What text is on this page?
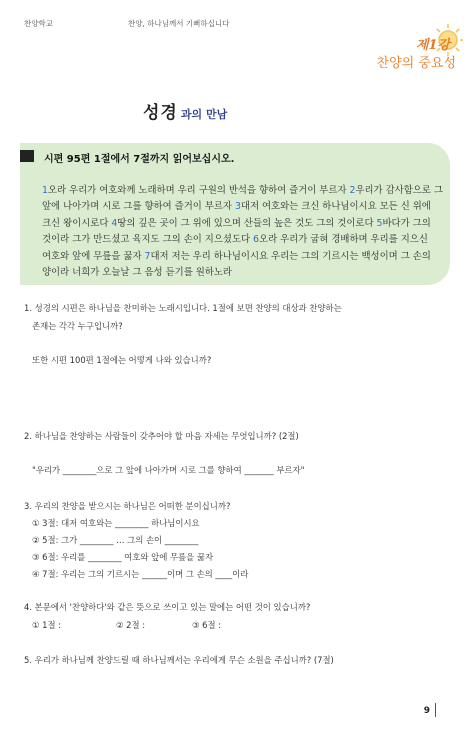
찬양학교	찬양, 하나님께서 기뻐하십니다
제1강
찬양의 중요성
성경 과의 만남
시편 95편 1절에서 7절까지 읽어보십시오.
1오라 우리가 여호와께 노래하며 우리 구원의 반석을 향하여 즐거이 부르자 2우리가 감사함으로 그 앞에 나아가며 시로 그를 향하여 즐거이 부르자 3대저 여호와는 크신 하나님이시요 모든 신 위에 크신 왕이시로다 4땅의 깊은 곳이 그 위에 있으며 산들의 높은 것도 그의 것이로다 5바다가 그의 것이라 그가 만드셨고 육지도 그의 손이 지으셨도다 6오라 우리가 굽혀 경배하며 우리를 지으신 여호와 앞에 무릎을 꿇자 7대저 저는 우리 하나님이시요 우리는 그의 기르시는 백성이며 그 손의 양이라 너희가 오늘날 그 음성 듣기를 원하노라
1. 성경의 시편은 하나님을 찬미하는 노래시입니다. 1절에 보면 찬양의 대상과 찬양하는
존재는 각각 누구입니까?
또한 시편 100편 1절에는 어떻게 나와 있습니까?
2. 하나님을 찬양하는 사람들이 갖추어야 할 마음 자세는 무엇입니까? (2절)
"우리가 ________으로 그 앞에 나아가며 시로 그를 향하여 _______ 부르자"
3. 우리의 찬양을 받으시는 하나님은 어떠한 분이십니까?
① 3절: 대저 여호와는 ________ 하나님이시요
② 5절: 그가 ________ … 그의 손이 ________
③ 6절: 우리를 ________ 여호와 앞에 무릎을 꿇자
④ 7절: 우리는 그의 기르시는 ______이며 그 손의 ____이라
4. 본문에서 '찬양하다'와 같은 뜻으로 쓰이고 있는 말에는 어떤 것이 있습니까?
① 1절 :	② 2절 :	③ 6절 :
5. 우리가 하나님께 찬양드릴 때 하나님께서는 우리에게 무슨 소원을 주십니까? (7절)
9
